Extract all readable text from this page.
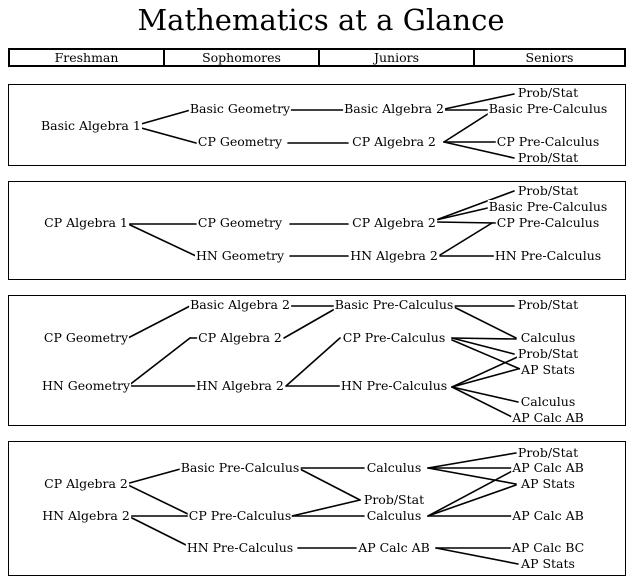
Mathematics at a Glance
Freshman	Sophomores	Juniors	Seniors
Basic Algebra 1
Basic Geometry
CP Geometry
Basic Algebra 2
CP Algebra 2
Prob/Stat
Basic Pre-Calculus
CP Pre-Calculus
Prob/Stat
CP Algebra 1	CP Geometry
HN Geometry
CP Algebra 2
HN Algebra 2
Prob/Stat
Basic Pre-Calculus
CP Pre-Calculus
HN Pre-Calculus
CP Geometry
HN Geometry
Basic Algebra 2
CP Algebra 2
HN Algebra 2
Basic Pre-Calculus
CP Pre-Calculus
HN Pre-Calculus
Prob/Stat
Calculus
Prob/Stat
AP Stats
Calculus
AP Calc AB
CP Algebra 2
HN Algebra 2
Basic Pre-Calculus
CP Pre-Calculus
HN Pre-Calculus
Calculus
Prob/Stat
Calculus
AP Calc AB
Prob/Stat
AP Calc AB
AP Stats
AP Calc AB
AP Calc BC
AP Stats
